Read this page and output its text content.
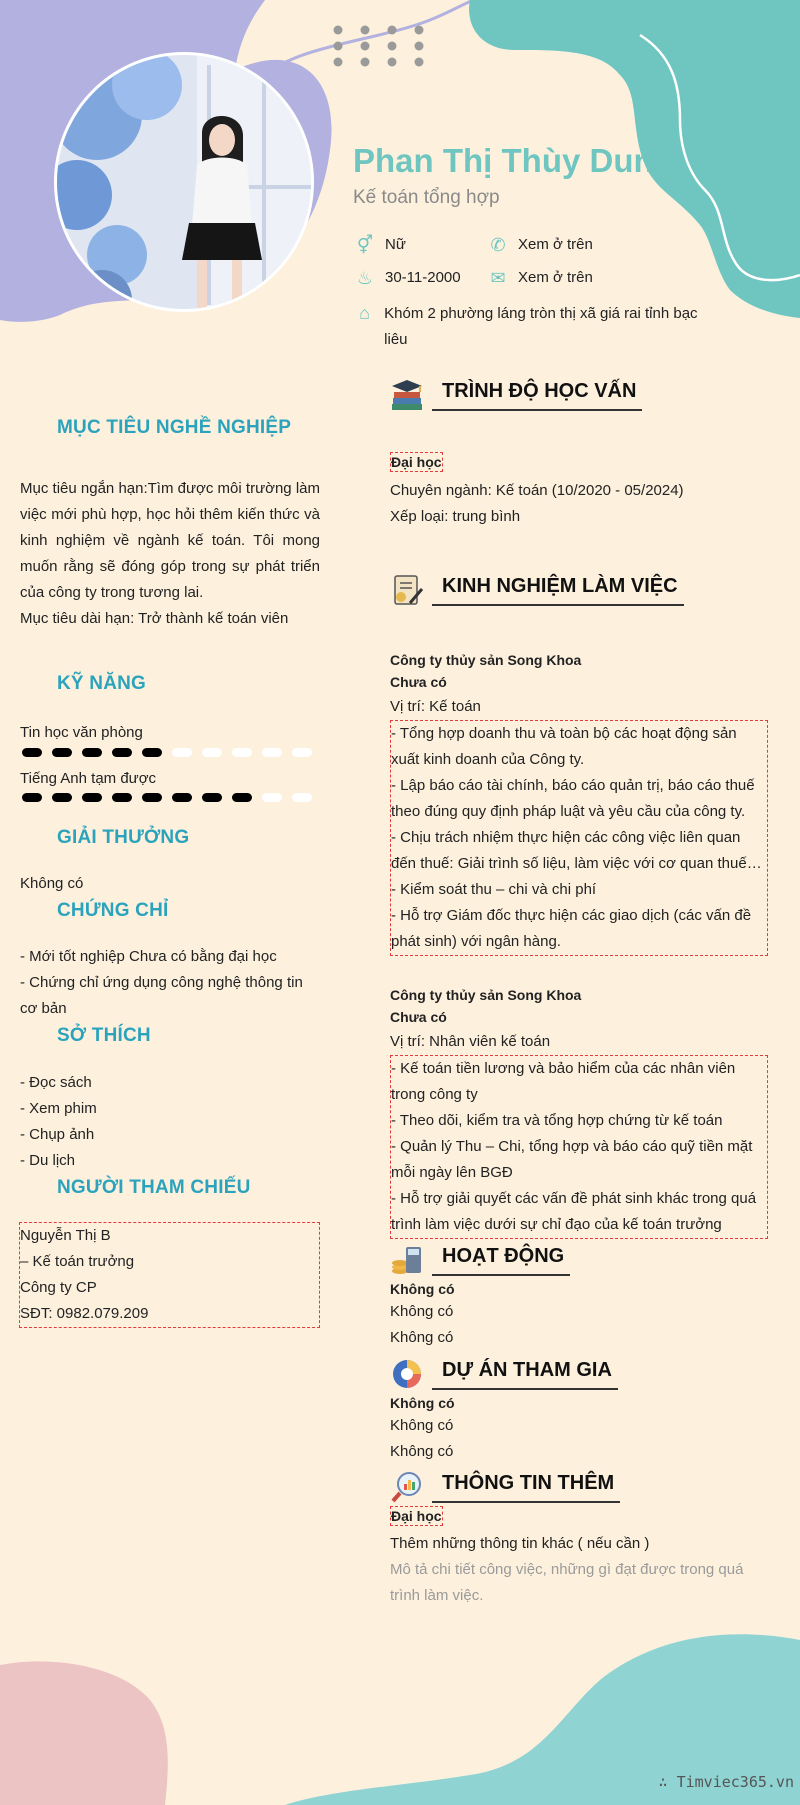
Phan Thị Thùy Dung
Kế toán tổng hợp
⚥ Nữ	✆ Xem ở trên
♨ 30-11-2000 ✉ Xem ở trên
⌂ Khóm 2 phường láng tròn thị xã giá rai tỉnh bạc liêu
MỤC TIÊU NGHỀ NGHIỆP
Mục tiêu ngắn hạn:Tìm được môi trường làm việc mới phù hợp, học hỏi thêm kiến thức và kinh nghiệm về ngành kế toán. Tôi mong muốn rằng sẽ đóng góp trong sự phát triển của công ty trong tương lai.
Mục tiêu dài hạn: Trở thành kế toán viên
KỸ NĂNG
Tin học văn phòng
Tiếng Anh tạm được
GIẢI THƯỞNG
Không có
CHỨNG CHỈ
- Mới tốt nghiệp Chưa có bằng đại học
- Chứng chỉ ứng dụng công nghệ thông tin cơ bản
SỞ THÍCH
- Đọc sách
- Xem phim
- Chụp ảnh
- Du lịch
NGƯỜI THAM CHIẾU
Nguyễn Thị B
– Kế toán trưởng
Công ty CP
SĐT: 0982.079.209
TRÌNH ĐỘ HỌC VẤN
Đại học
Chuyên ngành: Kế toán (10/2020 - 05/2024)
Xếp loại: trung bình
KINH NGHIỆM LÀM VIỆC
Công ty thủy sản Song Khoa
Chưa có
Vị trí: Kế toán
- Tổng hợp doanh thu và toàn bộ các hoạt động sản xuất kinh doanh của Công ty.
- Lập báo cáo tài chính, báo cáo quản trị, báo cáo thuế theo đúng quy định pháp luật và yêu cầu của công ty.
- Chịu trách nhiệm thực hiện các công việc liên quan đến thuế: Giải trình số liệu, làm việc với cơ quan thuế…
- Kiểm soát thu – chi và chi phí
- Hỗ trợ Giám đốc thực hiện các giao dịch (các vấn đề phát sinh) với ngân hàng.
Công ty thủy sản Song Khoa
Chưa có
Vị trí: Nhân viên kế toán
- Kế toán tiền lương và bảo hiểm của các nhân viên trong công ty
- Theo dõi, kiểm tra và tổng hợp chứng từ kế toán
- Quản lý Thu – Chi, tổng hợp và báo cáo quỹ tiền mặt mỗi ngày lên BGĐ
- Hỗ trợ giải quyết các vấn đề phát sinh khác trong quá trình làm việc dưới sự chỉ đạo của kế toán trưởng
HOẠT ĐỘNG
Không có
Không có
Không có
DỰ ÁN THAM GIA
Không có
Không có
Không có
THÔNG TIN THÊM
Đại học
Thêm những thông tin khác ( nếu cần )
Mô tả chi tiết công việc, những gì đạt được trong quá trình làm việc.
∴ Timviec365.vn
